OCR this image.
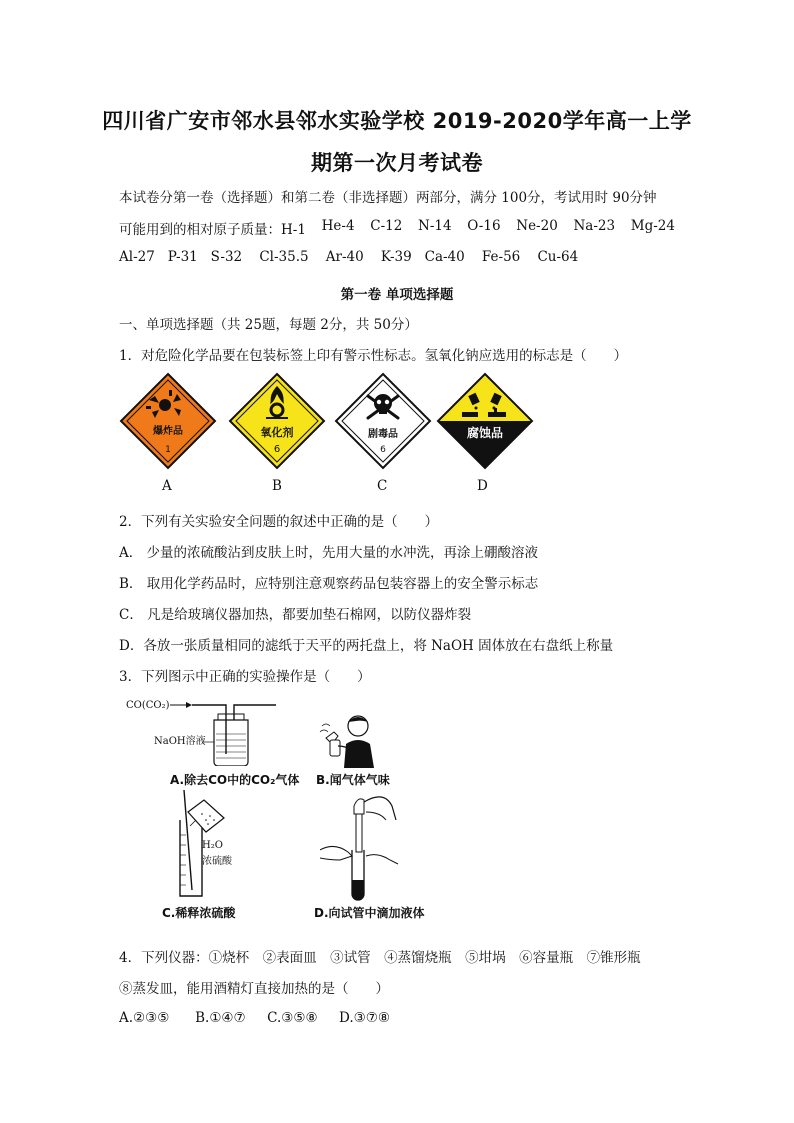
四川省广安市邻水县邻水实验学校 2019-2020学年高一上学
期第一次月考试卷
本试卷分第一卷（选择题）和第二卷（非选择题）两部分，满分 100分，考试用时 90分钟
可能用到的相对原子质量：H-1 He-4 C-12 N-14 O-16 Ne-20 Na-23 Mg-24
Al-27 P-31 S-32 Cl-35.5 Ar-40 K-39 Ca-40 Fe-56 Cu-64
第一卷 单项选择题
一、单项选择题（共 25题，每题 2分，共 50分）
1．对危险化学品要在包装标签上印有警示性标志。氢氧化钠应选用的标志是（　　）
爆炸品
1
氧化剂
6
剧毒品
6
腐蚀品
A	B	C	D
2．下列有关实验安全问题的叙述中正确的是（　　）
A． 少量的浓硫酸沾到皮肤上时，先用大量的水冲洗，再涂上硼酸溶液
B． 取用化学药品时，应特别注意观察药品包装容器上的安全警示标志
C． 凡是给玻璃仪器加热，都要加垫石棉网，以防仪器炸裂
D．各放一张质量相同的滤纸于天平的两托盘上，将 NaOH 固体放在右盘纸上称量
3．下列图示中正确的实验操作是（　　）
CO(CO₂)
NaOH溶液
A.除去CO中的CO₂气体 B.闻气体气味
H₂O
浓硫酸
C.稀释浓硫酸	D.向试管中滴加液体
4．下列仪器：①烧杯　②表面皿　③试管　④蒸馏烧瓶　⑤坩埚　⑥容量瓶　⑦锥形瓶
⑧蒸发皿，能用酒精灯直接加热的是（　　）
A.②③⑤ B.①④⑦ C.③⑤⑧ D.③⑦⑧
